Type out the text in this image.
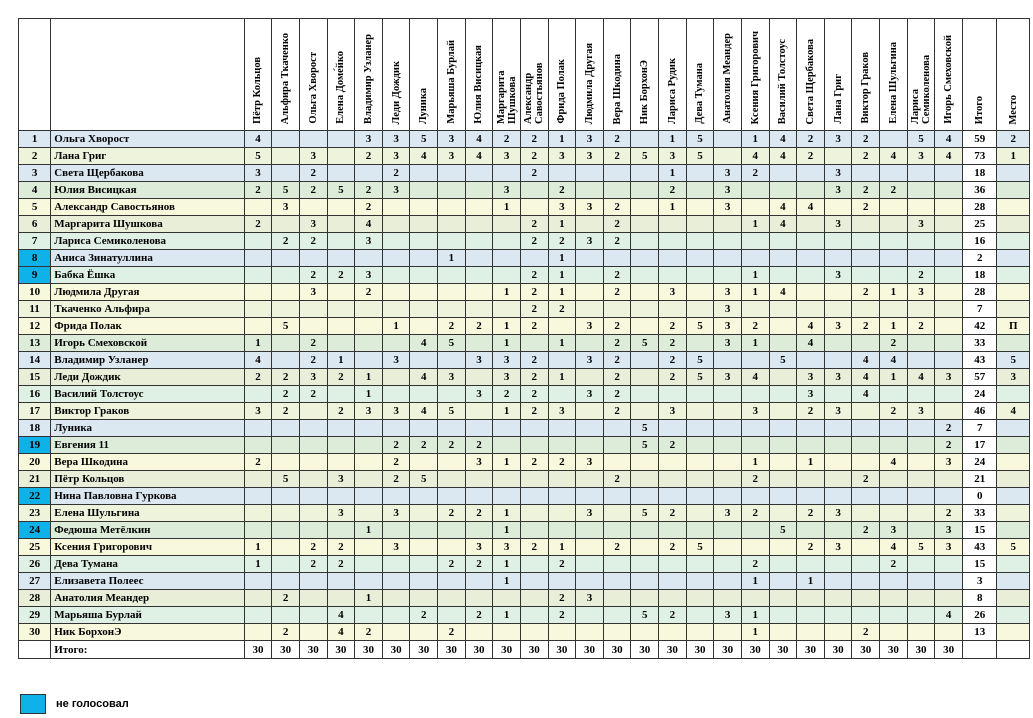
		Пётр Кольцов	Альфира Ткаченко	Ольга Хворост	Елена Доме́йко	Владимир Узланер	Леди Дождик	Луника	Марьяша Бурлай	Юлия Висицкая	Маргарита Шушкова	Александр Савостьянов	Фрида Полак	Людмила Другая	Вера Шкодина	Ник БорхонЭ	Лариса Рудик	Дева Тумана	Анатолия Меандер	Ксения Григорович	Василий Толстоус	Света Щербакова	Лана Григ	Виктор Граков	Елена Шульгина	Лариса Семиколенова	Игорь Смеховской	Итого	Место
1	Ольга Хворост	4				3	3	5	3	4	2	2	1	3	2		1	5		1	4	2	3	2		5	4	59	2
2	Лана Григ	5		3		2	3	4	3	4	3	2	3	3	2	5	3	5		4	4	2		2	4	3	4	73	1
3	Света Щербакова	3		2			2					2					1		3	2			3					18	
4	Юлия Висицкая	2	5	2	5	2	3				3		2				2		3				3	2	2			36	
5	Александр Савостьянов		3			2					1		3	3	2		1		3		4	4		2				28	
6	Маргарита Шушкова	2		3		4						2	1		2					1	4		3			3		25	
7	Лариса Семиколенова		2	2		3						2	2	3	2													16	
8	Аниса Зинатуллина								1				1															2	
9	Бабка Ёшка			2	2	3						2	1		2					1			3			2		18	
10	Людмила Другая			3		2					1	2	1		2		3		3	1	4			2	1	3		28	
11	Ткаченко Альфира											2	2						3									7	
12	Фрида Полак		5				1		2	2	1	2		3	2		2	5	3	2		4	3	2	1	2		42	П
13	Игорь Смеховской	1		2				4	5		1		1		2	5	2		3	1		4			2			33	
14	Владимир Узланер	4		2	1		3			3	3	2		3	2		2	5			5			4	4			43	5
15	Леди Дождик	2	2	3	2	1		4	3		3	2	1		2		2	5	3	4		3	3	4	1	4	3	57	3
16	Василий Толстоус		2	2		1				3	2	2		3	2							3		4				24	
17	Виктор Граков	3	2		2	3	3	4	5		1	2	3		2		3			3		2	3		2	3		46	4
18	Луника															5											2	7	
19	Евгения 11						2	2	2	2						5	2										2	17	
20	Вера Шкодина	2					2			3	1	2	2	3						1		1			4		3	24	
21	Пётр Кольцов		5		3		2	5							2					2				2				21	
22	Нина Павловна Гуркова																											0	
23	Елена Шульгина				3		3		2	2	1			3		5	2		3	2		2	3				2	33	
24	Федюша Метёлкин					1					1										5			2	3		3	15	
25	Ксения Григорович	1		2	2		3			3	3	2	1		2		2	5				2	3		4	5	3	43	5
26	Дева Тумана	1		2	2				2	2	1		2							2					2			15	
27	Елизавета Полеес										1									1		1						3	
28	Анатолия Меандер		2			1							2	3														8	
29	Марьяша Бурлай				4			2		2	1		2			5	2		3	1							4	26	
30	Ник БорхонЭ		2		4	2			2											1				2				13	
	Итого:	30	30	30	30	30	30	30	30	30	30	30	30	30	30	30	30	30	30	30	30	30	30	30	30	30	30		
не голосовал
